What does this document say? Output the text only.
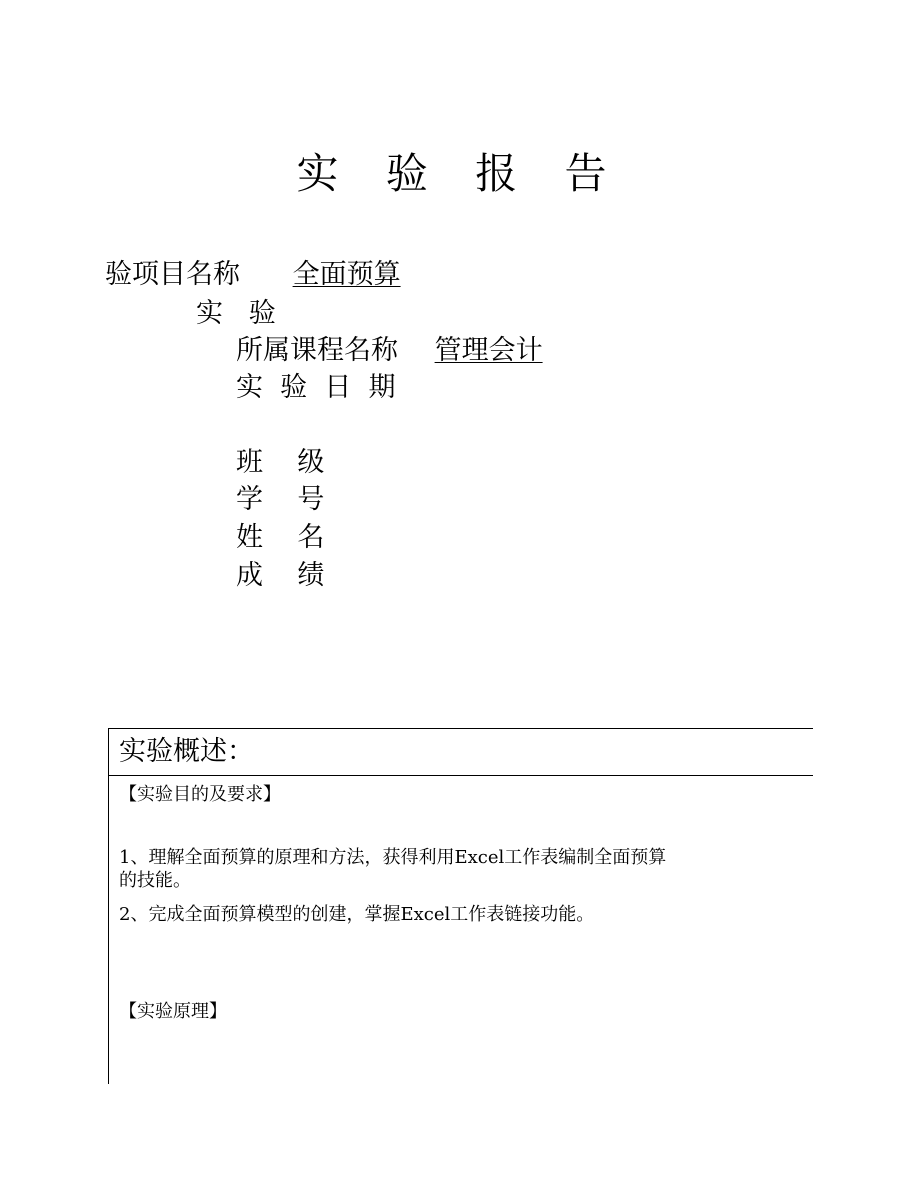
实 验 报 告
验项目名称 全面预算
实   验
所属课程名称 管理会计
实  验  日  期
班    级
学    号
姓    名
成    绩
实验概述：
【实验目的及要求】
1、理解全面预算的原理和方法，获得利用Excel工作表编制全面预算
的技能。
2、完成全面预算模型的创建，掌握Excel工作表链接功能。
【实验原理】
